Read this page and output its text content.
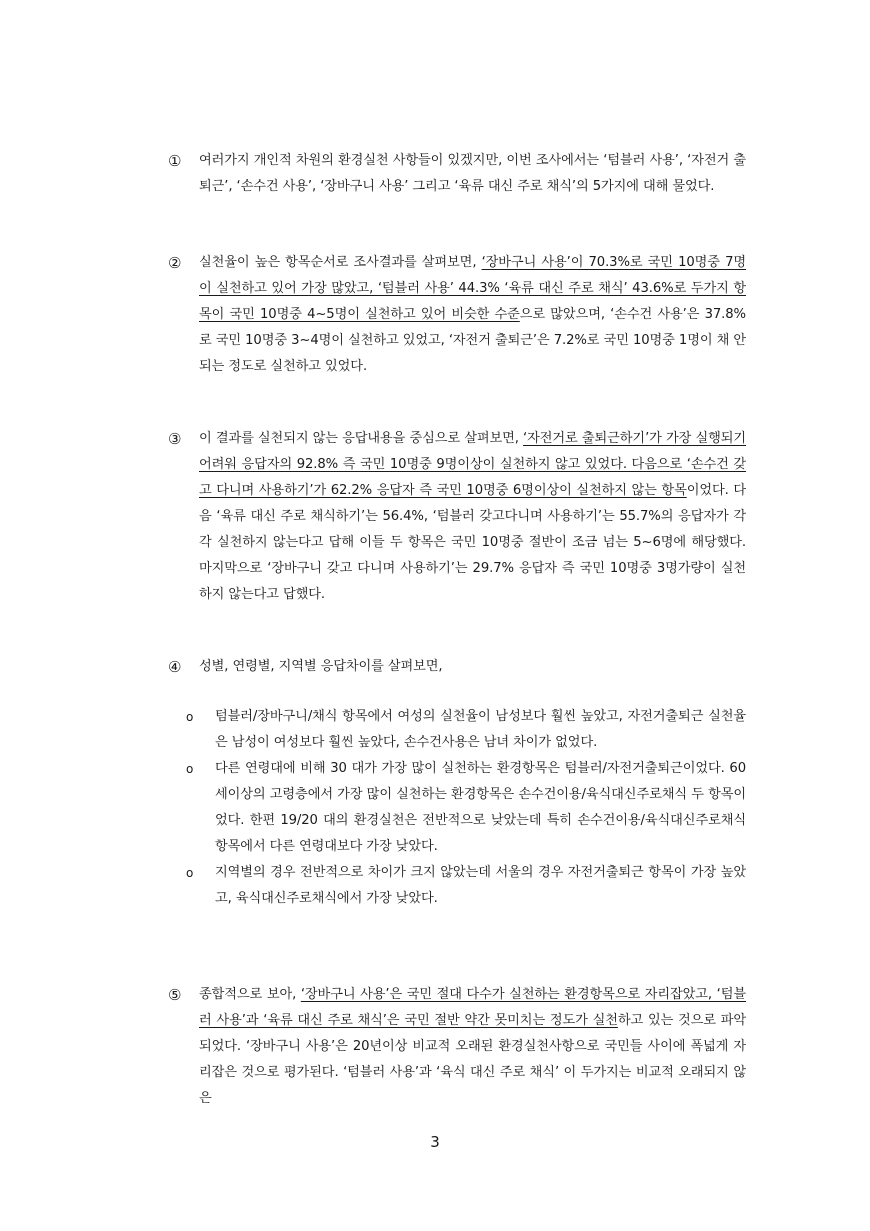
①	여러가지 개인적 차원의 환경실천 사항들이 있겠지만, 이번 조사에서는 ‘텀블러 사용’, ‘자전거 출퇴근’, ‘손수건 사용’, ‘장바구니 사용’ 그리고 ‘육류 대신 주로 채식’의 5가지에 대해 물었다.
②	실천율이 높은 항목순서로 조사결과를 살펴보면, ‘장바구니 사용’이 70.3%로 국민 10명중 7명이 실천하고 있어 가장 많았고, ‘텀블러 사용’ 44.3% ‘육류 대신 주로 채식’ 43.6%로 두가지 항목이 국민 10명중 4~5명이 실천하고 있어 비슷한 수준으로 많았으며, ‘손수건 사용’은 37.8%로 국민 10명중 3~4명이 실천하고 있었고, ‘자전거 출퇴근’은 7.2%로 국민 10명중 1명이 채 안되는 정도로 실천하고 있었다.
③	이 결과를 실천되지 않는 응답내용을 중심으로 살펴보면, ‘자전거로 출퇴근하기’가 가장 실행되기 어려워 응답자의 92.8% 즉 국민 10명중 9명이상이 실천하지 않고 있었다. 다음으로 ‘손수건 갖고 다니며 사용하기’가 62.2% 응답자 즉 국민 10명중 6명이상이 실천하지 않는 항목이었다. 다음 ‘육류 대신 주로 채식하기’는 56.4%, ‘텀블러 갖고다니며 사용하기’는 55.7%의 응답자가 각각 실천하지 않는다고 답해 이들 두 항목은 국민 10명중 절반이 조금 넘는 5~6명에 해당했다. 마지막으로 ‘장바구니 갖고 다니며 사용하기’는 29.7% 응답자 즉 국민 10명중 3명가량이 실천하지 않는다고 답했다.
④	성별, 연령별, 지역별 응답차이를 살펴보면,
o 텀블러/장바구니/채식 항목에서 여성의 실천율이 남성보다 훨씬 높았고, 자전거출퇴근 실천율은 남성이 여성보다 훨씬 높았다, 손수건사용은 남녀 차이가 없었다.
o 다른 연령대에 비해 30 대가 가장 많이 실천하는 환경항목은 텀블러/자전거출퇴근이었다. 60 세이상의 고령층에서 가장 많이 실천하는 환경항목은 손수건이용/육식대신주로채식 두 항목이었다. 한편 19/20 대의 환경실천은 전반적으로 낮았는데 특히 손수건이용/육식대신주로채식 항목에서 다른 연령대보다 가장 낮았다.
o 지역별의 경우 전반적으로 차이가 크지 않았는데 서울의 경우 자전거출퇴근 항목이 가장 높았고, 육식대신주로채식에서 가장 낮았다.
⑤	종합적으로 보아, ‘장바구니 사용’은 국민 절대 다수가 실천하는 환경항목으로 자리잡았고, ‘텀블러 사용’과 ‘육류 대신 주로 채식’은 국민 절반 약간 못미치는 정도가 실천하고 있는 것으로 파악되었다. ‘장바구니 사용’은 20년이상 비교적 오래된 환경실천사항으로 국민들 사이에 폭넓게 자리잡은 것으로 평가된다. ‘텀블러 사용’과 ‘육식 대신 주로 채식’ 이 두가지는 비교적 오래되지 않은
3
